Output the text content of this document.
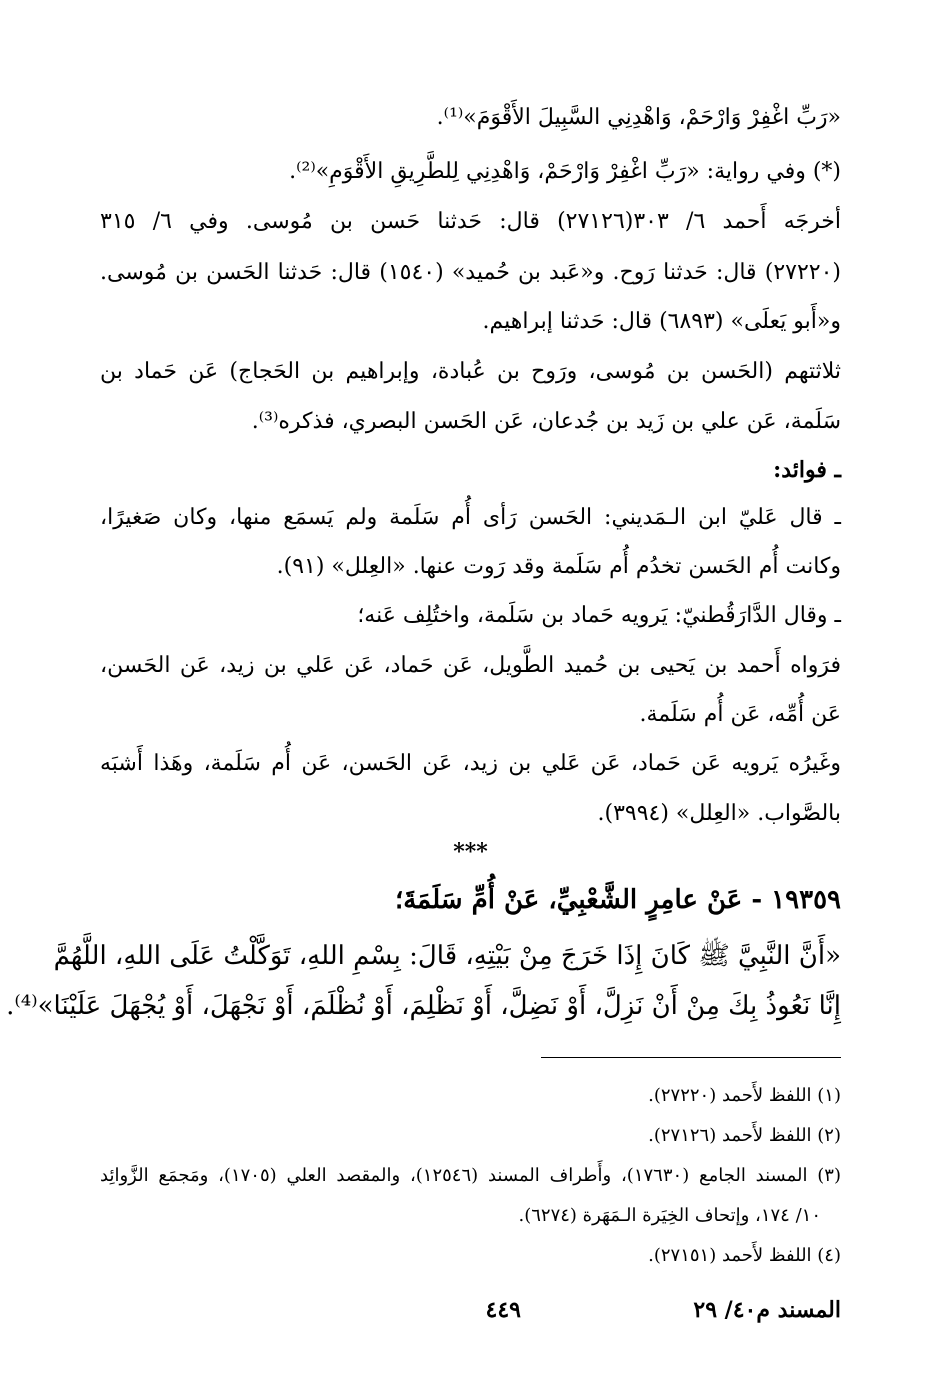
«رَبِّ اغْفِرْ وَارْحَمْ، وَاهْدِنِي السَّبِيلَ الأَقْوَمَ»⁽¹⁾.
(*) وفي رواية: «رَبِّ اغْفِرْ وَارْحَمْ، وَاهْدِنِي لِلطَّرِيقِ الأَقْوَمِ»⁽²⁾.
أخرجَه أَحمد ٦/ ٣٠٣(٢٧١٢٦) قال: حَدثنا حَسن بن مُوسى. وفي ٦/ ٣١٥
(٢٧٢٢٠) قال: حَدثنا رَوح. و«عَبد بن حُميد» (١٥٤٠) قال: حَدثنا الحَسن بن مُوسى.
و«أَبو يَعلَى» (٦٨٩٣) قال: حَدثنا إبراهيم.
ثلاثتهم (الحَسن بن مُوسى، ورَوح بن عُبادة، وإبراهيم بن الحَجاج) عَن حَماد بن
سَلَمة، عَن علي بن زَيد بن جُدعان، عَن الحَسن البصري، فذكره⁽³⁾.
ـ فوائد:
ـ قال عَليّ ابن الـمَديني: الحَسن رَأى أُم سَلَمة ولم يَسمَع منها، وكان صَغيرًا،
وكانت أُم الحَسن تخدُم أُم سَلَمة وقد رَوت عنها. «العِلل» (٩١).
ـ وقال الدَّارَقُطنيّ: يَرويه حَماد بن سَلَمة، واختُلِف عَنه؛
فرَواه أَحمد بن يَحيى بن حُميد الطَّويل، عَن حَماد، عَن عَلي بن زيد، عَن الحَسن،
عَن أُمِّه، عَن أُم سَلَمة.
وغَيرُه يَرويه عَن حَماد، عَن عَلي بن زيد، عَن الحَسن، عَن أُم سَلَمة، وهَذا أَشبَه
بالصَّواب. «العِلل» (٣٩٩٤).
***
١٩٣٥٩ - عَنْ عامِرٍ الشَّعْبِيِّ، عَنْ أُمِّ سَلَمَةَ؛
«أَنَّ النَّبِيَّ ﷺ كَانَ إِذَا خَرَجَ مِنْ بَيْتِهِ، قَالَ: بِسْمِ اللهِ، تَوَكَّلْتُ عَلَى اللهِ، اللَّهُمَّ
إِنَّا نَعُوذُ بِكَ مِنْ أَنْ نَزِلَّ، أَوْ نَضِلَّ، أَوْ نَظْلِمَ، أَوْ نُظْلَمَ، أَوْ نَجْهَلَ، أَوْ يُجْهَلَ عَلَيْنَا»⁽⁴⁾.
(١) اللفظ لأَحمد (٢٧٢٢٠).
(٢) اللفظ لأَحمد (٢٧١٢٦).
(٣) المسند الجامع (١٧٦٣٠)، وأَطراف المسند (١٢٥٤٦)، والمقصد العلي (١٧٠٥)، ومَجمَع الزَّوائِد
١٠/ ١٧٤، وإتحاف الخِيَرة الـمَهَرة (٦٢٧٤).
(٤) اللفظ لأَحمد (٢٧١٥١).
المسند م٤٠/ ٢٩
٤٤٩
